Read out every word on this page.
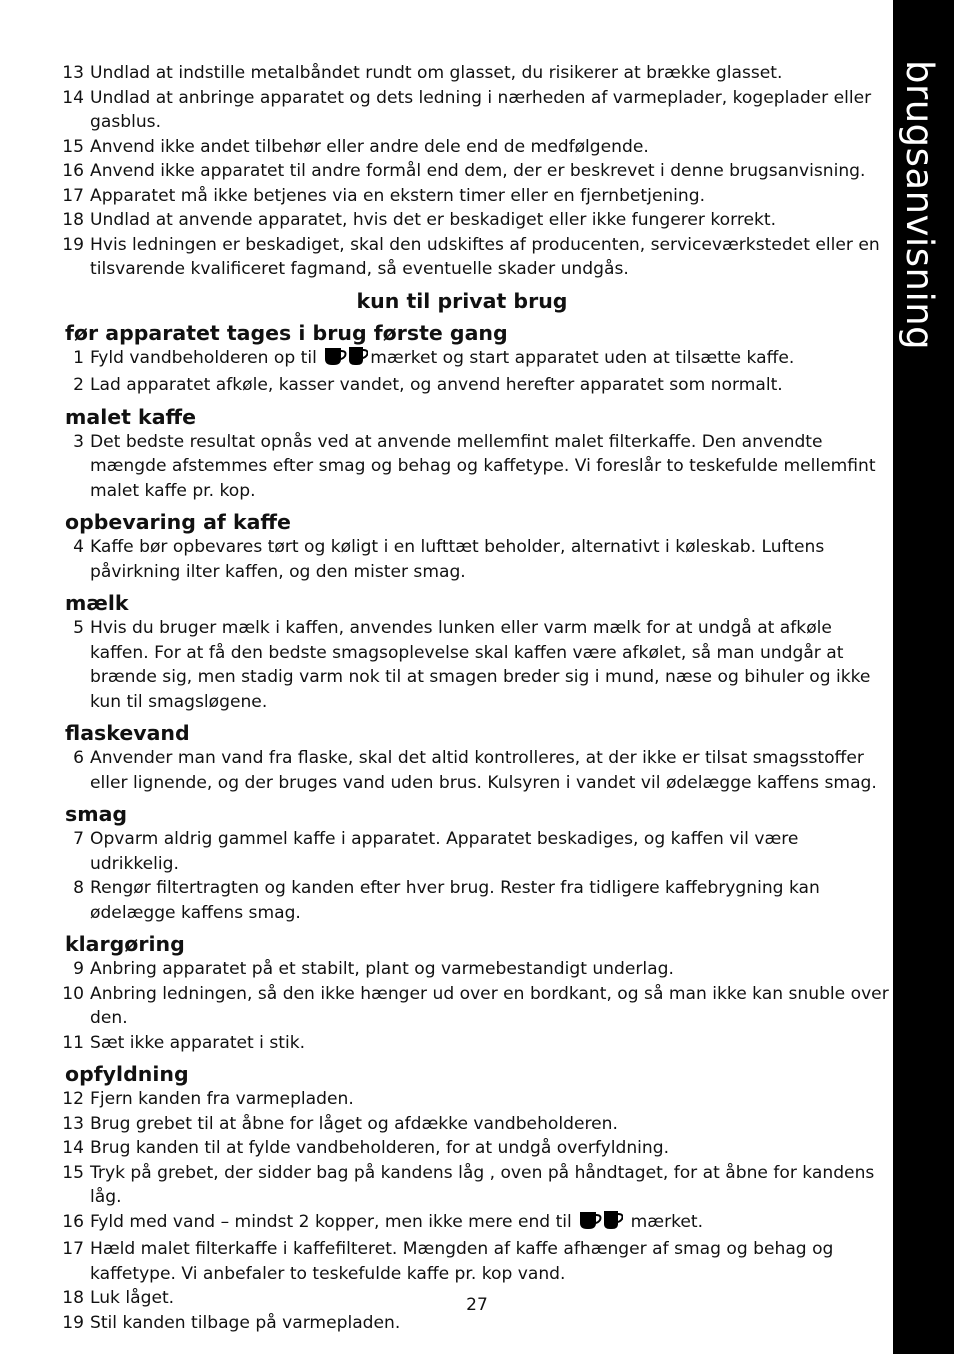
brugsanvisning
13 Undlad at indstille metalbåndet rundt om glasset, du risikerer at brække glasset.
14 Undlad at anbringe apparatet og dets ledning i nærheden af varmeplader, kogeplader eller gasblus.
15 Anvend ikke andet tilbehør eller andre dele end de medfølgende.
16 Anvend ikke apparatet til andre formål end dem, der er beskrevet i denne brugsanvisning.
17 Apparatet må ikke betjenes via en ekstern timer eller en fjernbetjening.
18 Undlad at anvende apparatet, hvis det er beskadiget eller ikke fungerer korrekt.
19 Hvis ledningen er beskadiget, skal den udskiftes af producenten, serviceværkstedet eller en tilsvarende kvalificeret fagmand, så eventuelle skader undgås.
kun til privat brug
før apparatet tages i brug første gang
1 Fyld vandbeholderen op til	mærket og start apparatet uden at tilsætte kaffe.
2 Lad apparatet afkøle, kasser vandet, og anvend herefter apparatet som normalt.
malet kaffe
3 Det bedste resultat opnås ved at anvende mellemfint malet filterkaffe. Den anvendte mængde afstemmes efter smag og behag og kaffetype. Vi foreslår to teskefulde mellemfint malet kaffe pr. kop.
opbevaring af kaffe
4 Kaffe bør opbevares tørt og køligt i en lufttæt beholder, alternativt i køleskab. Luftens påvirkning ilter kaffen, og den mister smag.
mælk
5 Hvis du bruger mælk i kaffen, anvendes lunken eller varm mælk for at undgå at afkøle kaffen. For at få den bedste smagsoplevelse skal kaffen være afkølet, så man undgår at brænde sig, men stadig varm nok til at smagen breder sig i mund, næse og bihuler og ikke kun til smagsløgene.
flaskevand
6 Anvender man vand fra flaske, skal det altid kontrolleres, at der ikke er tilsat smagsstoffer eller lignende, og der bruges vand uden brus. Kulsyren i vandet vil ødelægge kaffens smag.
smag
7 Opvarm aldrig gammel kaffe i apparatet. Apparatet beskadiges, og kaffen vil være udrikkelig.
8 Rengør filtertragten og kanden efter hver brug. Rester fra tidligere kaffebrygning kan ødelægge kaffens smag.
klargøring
9 Anbring apparatet på et stabilt, plant og varmebestandigt underlag.
10 Anbring ledningen, så den ikke hænger ud over en bordkant, og så man ikke kan snuble over den.
11 Sæt ikke apparatet i stik.
opfyldning
12 Fjern kanden fra varmepladen.
13 Brug grebet til at åbne for låget og afdække vandbeholderen.
14 Brug kanden til at fylde vandbeholderen, for at undgå overfyldning.
15 Tryk på grebet, der sidder bag på kandens låg , oven på håndtaget, for at åbne for kandens låg.
16 Fyld med vand – mindst 2 kopper, men ikke mere end til	mærket.
17 Hæld malet filterkaffe i kaffefilteret. Mængden af kaffe afhænger af smag og behag og kaffetype. Vi anbefaler to teskefulde kaffe pr. kop vand.
18 Luk låget.
19 Stil kanden tilbage på varmepladen.
27
